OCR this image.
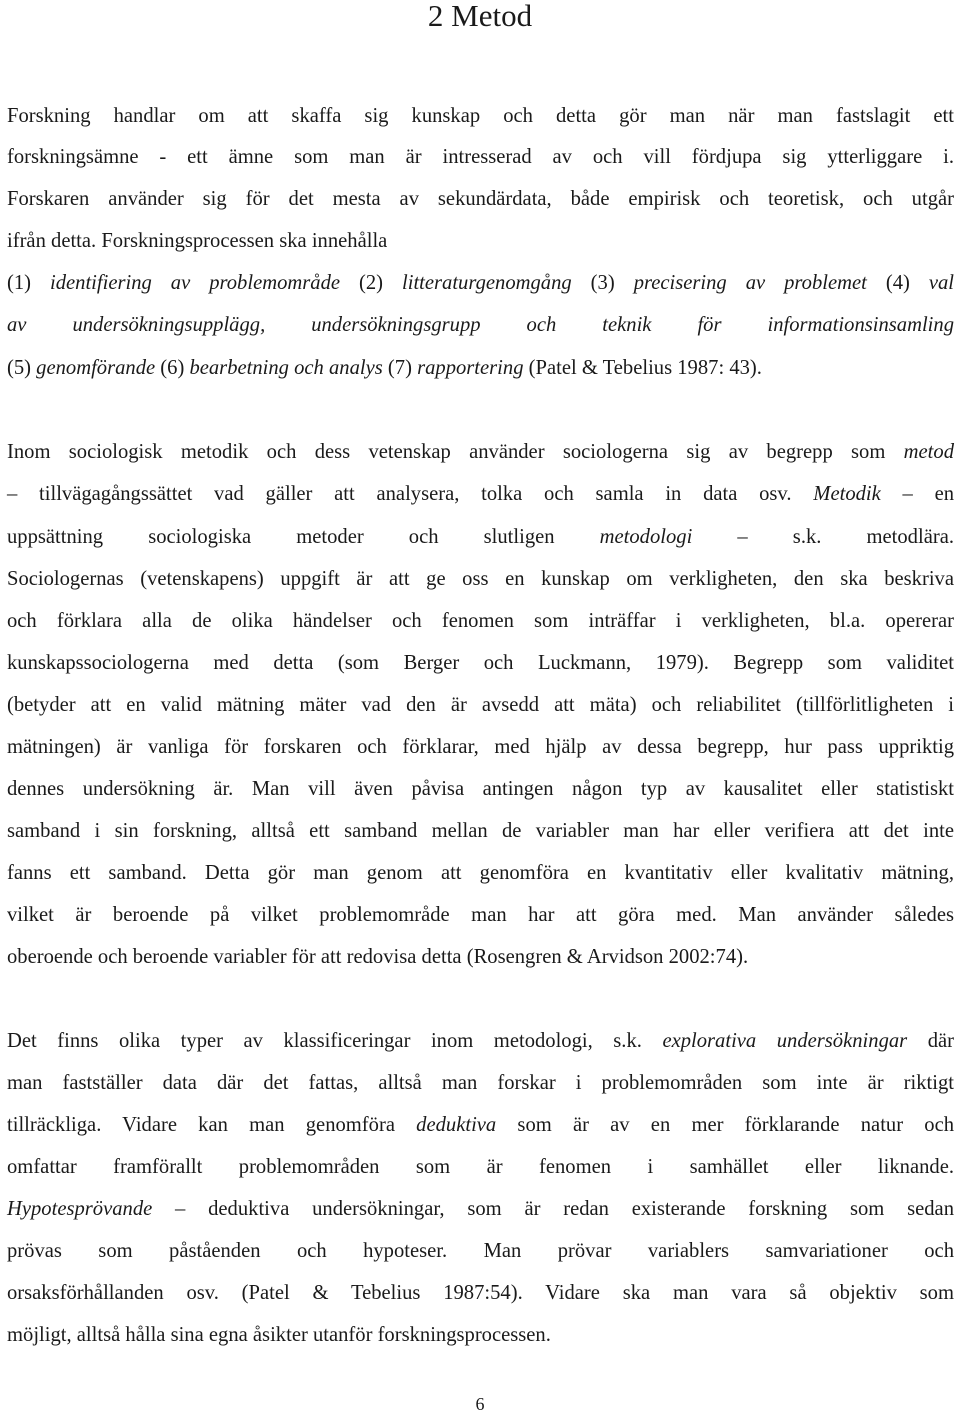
2 Metod
Forskning handlar om att skaffa sig kunskap och detta gör man när man fastslagit ett
forskningsämne - ett ämne som man är intresserad av och vill fördjupa sig ytterliggare i.
Forskaren använder sig för det mesta av sekundärdata, både empirisk och teoretisk, och utgår
ifrån detta. Forskningsprocessen ska innehålla
(1) identifiering av problemområde (2) litteraturgenomgång (3) precisering av problemet (4) val
av undersökningsupplägg, undersökningsgrupp och teknik för informationsinsamling
(5) genomförande (6) bearbetning och analys (7) rapportering (Patel & Tebelius 1987: 43).
Inom sociologisk metodik och dess vetenskap använder sociologerna sig av begrepp som metod
– tillvägagångssättet vad gäller att analysera, tolka och samla in data osv. Metodik – en
uppsättning sociologiska metoder och slutligen metodologi – s.k. metodlära.
Sociologernas (vetenskapens) uppgift är att ge oss en kunskap om verkligheten, den ska beskriva
och förklara alla de olika händelser och fenomen som inträffar i verkligheten, bl.a. opererar
kunskapssociologerna med detta (som Berger och Luckmann, 1979). Begrepp som validitet
(betyder att en valid mätning mäter vad den är avsedd att mäta) och reliabilitet (tillförlitligheten i
mätningen) är vanliga för forskaren och förklarar, med hjälp av dessa begrepp, hur pass uppriktig
dennes undersökning är. Man vill även påvisa antingen någon typ av kausalitet eller statistiskt
samband i sin forskning, alltså ett samband mellan de variabler man har eller verifiera att det inte
fanns ett samband. Detta gör man genom att genomföra en kvantitativ eller kvalitativ mätning,
vilket är beroende på vilket problemområde man har att göra med. Man använder således
oberoende och beroende variabler för att redovisa detta (Rosengren & Arvidson 2002:74).
Det finns olika typer av klassificeringar inom metodologi, s.k. explorativa undersökningar där
man fastställer data där det fattas, alltså man forskar i problemområden som inte är riktigt
tillräckliga. Vidare kan man genomföra deduktiva som är av en mer förklarande natur och
omfattar framförallt problemområden som är fenomen i samhället eller liknande.
Hypotesprövande – deduktiva undersökningar, som är redan existerande forskning som sedan
prövas som påståenden och hypoteser. Man prövar variablers samvariationer och
orsaksförhållanden osv. (Patel & Tebelius 1987:54). Vidare ska man vara så objektiv som
möjligt, alltså hålla sina egna åsikter utanför forskningsprocessen.
6
